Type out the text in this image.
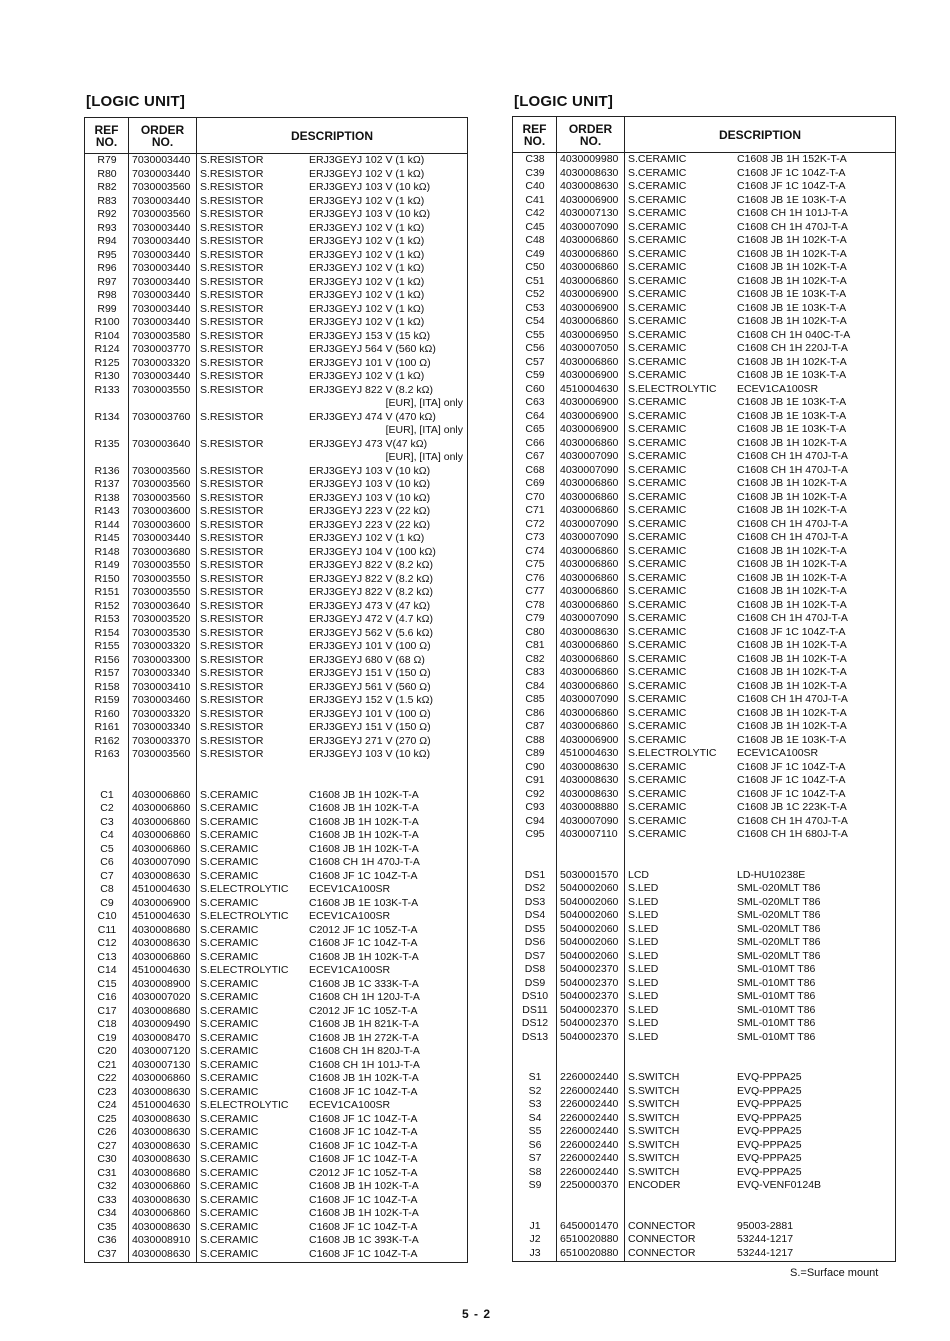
[LOGIC UNIT]	[LOGIC UNIT]
REF NO.
ORDER NO.	DESCRIPTION
R79	7030003440 S.RESISTOR	ERJ3GEYJ 102 V (1 kΩ)
R80	7030003440 S.RESISTOR	ERJ3GEYJ 102 V (1 kΩ)
R82	7030003560 S.RESISTOR	ERJ3GEYJ 103 V (10 kΩ)
R83	7030003440 S.RESISTOR	ERJ3GEYJ 102 V (1 kΩ)
R92	7030003560 S.RESISTOR	ERJ3GEYJ 103 V (10 kΩ)
R93	7030003440 S.RESISTOR	ERJ3GEYJ 102 V (1 kΩ)
R94	7030003440 S.RESISTOR	ERJ3GEYJ 102 V (1 kΩ)
R95	7030003440 S.RESISTOR	ERJ3GEYJ 102 V (1 kΩ)
R96	7030003440 S.RESISTOR	ERJ3GEYJ 102 V (1 kΩ)
R97	7030003440 S.RESISTOR	ERJ3GEYJ 102 V (1 kΩ)
R98	7030003440 S.RESISTOR	ERJ3GEYJ 102 V (1 kΩ)
R99	7030003440 S.RESISTOR	ERJ3GEYJ 102 V (1 kΩ)
R100	7030003440 S.RESISTOR	ERJ3GEYJ 102 V (1 kΩ)
R104	7030003580 S.RESISTOR	ERJ3GEYJ 153 V (15 kΩ)
R124	7030003770 S.RESISTOR	ERJ3GEYJ 564 V (560 kΩ)
R125	7030003320 S.RESISTOR	ERJ3GEYJ 101 V (100 Ω)
R130	7030003440 S.RESISTOR	ERJ3GEYJ 102 V (1 kΩ)
R133	7030003550 S.RESISTOR	ERJ3GEYJ 822 V (8.2 kΩ)
[EUR], [ITA] only
R134	7030003760 S.RESISTOR	ERJ3GEYJ 474 V (470 kΩ)
[EUR], [ITA] only
R135	7030003640 S.RESISTOR	ERJ3GEYJ 473 V(47 kΩ)
[EUR], [ITA] only
R136	7030003560 S.RESISTOR	ERJ3GEYJ 103 V (10 kΩ)
R137	7030003560 S.RESISTOR	ERJ3GEYJ 103 V (10 kΩ)
R138	7030003560 S.RESISTOR	ERJ3GEYJ 103 V (10 kΩ)
R143	7030003600 S.RESISTOR	ERJ3GEYJ 223 V (22 kΩ)
R144	7030003600 S.RESISTOR	ERJ3GEYJ 223 V (22 kΩ)
R145	7030003440 S.RESISTOR	ERJ3GEYJ 102 V (1 kΩ)
R148	7030003680 S.RESISTOR	ERJ3GEYJ 104 V (100 kΩ)
R149	7030003550 S.RESISTOR	ERJ3GEYJ 822 V (8.2 kΩ)
R150	7030003550 S.RESISTOR	ERJ3GEYJ 822 V (8.2 kΩ)
R151	7030003550 S.RESISTOR	ERJ3GEYJ 822 V (8.2 kΩ)
R152	7030003640 S.RESISTOR	ERJ3GEYJ 473 V (47 kΩ)
R153	7030003520 S.RESISTOR	ERJ3GEYJ 472 V (4.7 kΩ)
R154	7030003530 S.RESISTOR	ERJ3GEYJ 562 V (5.6 kΩ)
R155	7030003320 S.RESISTOR	ERJ3GEYJ 101 V (100 Ω)
R156	7030003300 S.RESISTOR	ERJ3GEYJ 680 V (68 Ω)
R157	7030003340 S.RESISTOR	ERJ3GEYJ 151 V (150 Ω)
R158	7030003410 S.RESISTOR	ERJ3GEYJ 561 V (560 Ω)
R159	7030003460 S.RESISTOR	ERJ3GEYJ 152 V (1.5 kΩ)
R160	7030003320 S.RESISTOR	ERJ3GEYJ 101 V (100 Ω)
R161	7030003340 S.RESISTOR	ERJ3GEYJ 151 V (150 Ω)
R162	7030003370 S.RESISTOR	ERJ3GEYJ 271 V (270 Ω)
R163	7030003560 S.RESISTOR	ERJ3GEYJ 103 V (10 kΩ)
C1	4030006860 S.CERAMIC	C1608 JB 1H 102K-T-A
C2	4030006860 S.CERAMIC	C1608 JB 1H 102K-T-A
C3	4030006860 S.CERAMIC	C1608 JB 1H 102K-T-A
C4	4030006860 S.CERAMIC	C1608 JB 1H 102K-T-A
C5	4030006860 S.CERAMIC	C1608 JB 1H 102K-T-A
C6	4030007090 S.CERAMIC	C1608 CH 1H 470J-T-A
C7	4030008630 S.CERAMIC	C1608 JF 1C 104Z-T-A
C8	4510004630 S.ELECTROLYTIC	ECEV1CA100SR
C9	4030006900 S.CERAMIC	C1608 JB 1E 103K-T-A
C10	4510004630 S.ELECTROLYTIC	ECEV1CA100SR
C11	4030008680 S.CERAMIC	C2012 JF 1C 105Z-T-A
C12	4030008630 S.CERAMIC	C1608 JF 1C 104Z-T-A
C13	4030006860 S.CERAMIC	C1608 JB 1H 102K-T-A
C14	4510004630 S.ELECTROLYTIC	ECEV1CA100SR
C15	4030008900 S.CERAMIC	C1608 JB 1C 333K-T-A
C16	4030007020 S.CERAMIC	C1608 CH 1H 120J-T-A
C17	4030008680 S.CERAMIC	C2012 JF 1C 105Z-T-A
C18	4030009490 S.CERAMIC	C1608 JB 1H 821K-T-A
C19	4030008470 S.CERAMIC	C1608 JB 1H 272K-T-A
C20	4030007120 S.CERAMIC	C1608 CH 1H 820J-T-A
C21	4030007130 S.CERAMIC	C1608 CH 1H 101J-T-A
C22	4030006860 S.CERAMIC	C1608 JB 1H 102K-T-A
C23	4030008630 S.CERAMIC	C1608 JF 1C 104Z-T-A
C24	4510004630 S.ELECTROLYTIC	ECEV1CA100SR
C25	4030008630 S.CERAMIC	C1608 JF 1C 104Z-T-A
C26	4030008630 S.CERAMIC	C1608 JF 1C 104Z-T-A
C27	4030008630 S.CERAMIC	C1608 JF 1C 104Z-T-A
C30	4030008630 S.CERAMIC	C1608 JF 1C 104Z-T-A
C31	4030008680 S.CERAMIC	C2012 JF 1C 105Z-T-A
C32	4030006860 S.CERAMIC	C1608 JB 1H 102K-T-A
C33	4030008630 S.CERAMIC	C1608 JF 1C 104Z-T-A
C34	4030006860 S.CERAMIC	C1608 JB 1H 102K-T-A
C35	4030008630 S.CERAMIC	C1608 JF 1C 104Z-T-A
C36	4030008910 S.CERAMIC	C1608 JB 1C 393K-T-A
C37	4030008630 S.CERAMIC	C1608 JF 1C 104Z-T-A
REF NO.
ORDER NO.	DESCRIPTION
C38	4030009980 S.CERAMIC	C1608 JB 1H 152K-T-A
C39	4030008630 S.CERAMIC	C1608 JF 1C 104Z-T-A
C40	4030008630 S.CERAMIC	C1608 JF 1C 104Z-T-A
C41	4030006900 S.CERAMIC	C1608 JB 1E 103K-T-A
C42	4030007130 S.CERAMIC	C1608 CH 1H 101J-T-A
C45	4030007090 S.CERAMIC	C1608 CH 1H 470J-T-A
C48	4030006860 S.CERAMIC	C1608 JB 1H 102K-T-A
C49	4030006860 S.CERAMIC	C1608 JB 1H 102K-T-A
C50	4030006860 S.CERAMIC	C1608 JB 1H 102K-T-A
C51	4030006860 S.CERAMIC	C1608 JB 1H 102K-T-A
C52	4030006900 S.CERAMIC	C1608 JB 1E 103K-T-A
C53	4030006900 S.CERAMIC	C1608 JB 1E 103K-T-A
C54	4030006860 S.CERAMIC	C1608 JB 1H 102K-T-A
C55	4030006950 S.CERAMIC	C1608 CH 1H 040C-T-A
C56	4030007050 S.CERAMIC	C1608 CH 1H 220J-T-A
C57	4030006860 S.CERAMIC	C1608 JB 1H 102K-T-A
C59	4030006900 S.CERAMIC	C1608 JB 1E 103K-T-A
C60	4510004630 S.ELECTROLYTIC	ECEV1CA100SR
C63	4030006900 S.CERAMIC	C1608 JB 1E 103K-T-A
C64	4030006900 S.CERAMIC	C1608 JB 1E 103K-T-A
C65	4030006900 S.CERAMIC	C1608 JB 1E 103K-T-A
C66	4030006860 S.CERAMIC	C1608 JB 1H 102K-T-A
C67	4030007090 S.CERAMIC	C1608 CH 1H 470J-T-A
C68	4030007090 S.CERAMIC	C1608 CH 1H 470J-T-A
C69	4030006860 S.CERAMIC	C1608 JB 1H 102K-T-A
C70	4030006860 S.CERAMIC	C1608 JB 1H 102K-T-A
C71	4030006860 S.CERAMIC	C1608 JB 1H 102K-T-A
C72	4030007090 S.CERAMIC	C1608 CH 1H 470J-T-A
C73	4030007090 S.CERAMIC	C1608 CH 1H 470J-T-A
C74	4030006860 S.CERAMIC	C1608 JB 1H 102K-T-A
C75	4030006860 S.CERAMIC	C1608 JB 1H 102K-T-A
C76	4030006860 S.CERAMIC	C1608 JB 1H 102K-T-A
C77	4030006860 S.CERAMIC	C1608 JB 1H 102K-T-A
C78	4030006860 S.CERAMIC	C1608 JB 1H 102K-T-A
C79	4030007090 S.CERAMIC	C1608 CH 1H 470J-T-A
C80	4030008630 S.CERAMIC	C1608 JF 1C 104Z-T-A
C81	4030006860 S.CERAMIC	C1608 JB 1H 102K-T-A
C82	4030006860 S.CERAMIC	C1608 JB 1H 102K-T-A
C83	4030006860 S.CERAMIC	C1608 JB 1H 102K-T-A
C84	4030006860 S.CERAMIC	C1608 JB 1H 102K-T-A
C85	4030007090 S.CERAMIC	C1608 CH 1H 470J-T-A
C86	4030006860 S.CERAMIC	C1608 JB 1H 102K-T-A
C87	4030006860 S.CERAMIC	C1608 JB 1H 102K-T-A
C88	4030006900 S.CERAMIC	C1608 JB 1E 103K-T-A
C89	4510004630 S.ELECTROLYTIC	ECEV1CA100SR
C90	4030008630 S.CERAMIC	C1608 JF 1C 104Z-T-A
C91	4030008630 S.CERAMIC	C1608 JF 1C 104Z-T-A
C92	4030008630 S.CERAMIC	C1608 JF 1C 104Z-T-A
C93	4030008880 S.CERAMIC	C1608 JB 1C 223K-T-A
C94	4030007090 S.CERAMIC	C1608 CH 1H 470J-T-A
C95	4030007110 S.CERAMIC	C1608 CH 1H 680J-T-A
DS1	5030001570 LCD	LD-HU10238E
DS2	5040002060 S.LED	SML-020MLT T86
DS3	5040002060 S.LED	SML-020MLT T86
DS4	5040002060 S.LED	SML-020MLT T86
DS5	5040002060 S.LED	SML-020MLT T86
DS6	5040002060 S.LED	SML-020MLT T86
DS7	5040002060 S.LED	SML-020MLT T86
DS8	5040002370 S.LED	SML-010MT T86
DS9	5040002370 S.LED	SML-010MT T86
DS10	5040002370 S.LED	SML-010MT T86
DS11	5040002370 S.LED	SML-010MT T86
DS12	5040002370 S.LED	SML-010MT T86
DS13	5040002370 S.LED	SML-010MT T86
S1	2260002440 S.SWITCH	EVQ-PPPA25
S2	2260002440 S.SWITCH	EVQ-PPPA25
S3	2260002440 S.SWITCH	EVQ-PPPA25
S4	2260002440 S.SWITCH	EVQ-PPPA25
S5	2260002440 S.SWITCH	EVQ-PPPA25
S6	2260002440 S.SWITCH	EVQ-PPPA25
S7	2260002440 S.SWITCH	EVQ-PPPA25
S8	2260002440 S.SWITCH	EVQ-PPPA25
S9	2250000370 ENCODER	EVQ-VENF0124B
J1	6450001470 CONNECTOR	95003-2881
J2	6510020880 CONNECTOR	53244-1217
J3	6510020880 CONNECTOR	53244-1217
S.=Surface mount
5 - 2
